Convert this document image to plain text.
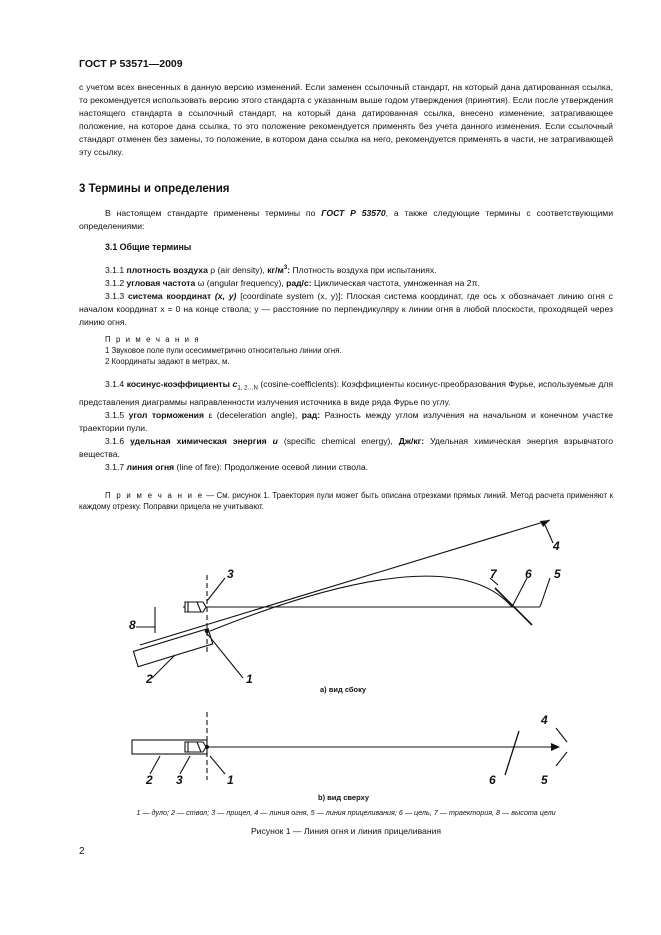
ГОСТ Р 53571—2009

с учетом всех внесенных в данную версию изменений. Если заменен ссылочный стандарт, на который дана датированная ссылка, то рекомендуется использовать версию этого стандарта с указанным выше годом утверждения (принятия). Если после утверждения настоящего стандарта в ссылочный стандарт, на который дана датированная ссылка, внесено изменение, затрагивающее положение, на которое дана ссылка, то это положение рекомендуется применять без учета данного изменения. Если ссылочный стандарт отменен без замены, то положение, в котором дана ссылка на него, рекомендуется применять в части, не затрагивающей эту ссылку.

3 Термины и определения

В настоящем стандарте применены термины по ГОСТ Р 53570, а также следующие термины с соответствующими определениями:

3.1 Общие термины

3.1.1 плотность воздуха ρ (air density), $кг/м^3$: Плотность воздуха при испытаниях.

3.1.2 угловая частота ω (angular frequency), рад/с: Циклическая частота, умноженная на 2π.

3.1.3 система координат (x, y) [coordinate system (x, y)]: Плоская система координат, где ось x обозначает линию огня с началом координат x = 0 на конце ствола; y — расстояние по перпендикуляру к линии огня в любой плоскости, проходящей через линию огня.

П р и м е ч а н и я

1 Звуковое поле пули осесимметрично относительно линии огня.

2 Координаты задают в метрах, м.

3.1.4 косинус-коэффициенты $c_{1, 2\dots N}$ (cosine-coefficients): Коэффициенты косинус-преобразования Фурье, используемые для представления диаграммы направленности излучения источника в виде ряда Фурье по углу.

3.1.5 угол торможения ε (deceleration angle), рад: Разность между углом излучения на начальном и конечном участке траектории пули.

3.1.6 удельная химическая энергия u (specific chemical energy), Дж/кг: Удельная химическая энергия взрывчатого вещества.

3.1.7 линия огня (line of fire): Продолжение осевой линии ствола.

П р и м е ч а н и е — См. рисунок 1. Траектория пули может быть описана отрезками прямых линий. Метод расчета применяют к каждому отрезку. Поправки прицела не учитывают.

1
2
3
4
5
6
7
8
а) вид сбоку
1
2 3
4
5
6
b) вид сверху
1 — дуло; 2 — ствол; 3 — прицел, 4 — линия огня, 5 — линия прицеливания; 6 — цель, 7 — траектория, 8 — высота цели
Рисунок 1 — Линия огня и линия прицеливания
2
